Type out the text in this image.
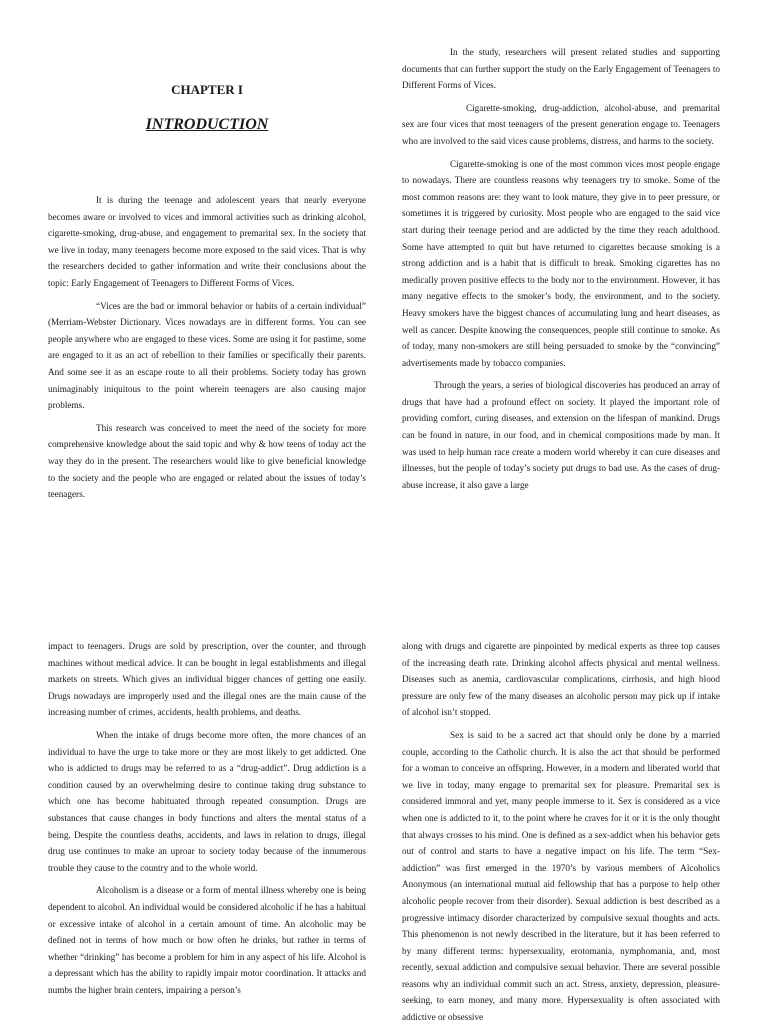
CHAPTER I
INTRODUCTION

It is during the teenage and adolescent years that nearly everyone becomes aware or involved to vices and immoral activities such as drinking alcohol, cigarette-smoking, drug-abuse, and engagement to premarital sex. In the society that we live in today, many teenagers become more exposed to the said vices. That is why the researchers decided to gather information and write their conclusions about the topic: Early Engagement of Teenagers to Different Forms of Vices.

“Vices are the bad or immoral behavior or habits of a certain individual” (Merriam-Webster Dictionary. Vices nowadays are in different forms. You can see people anywhere who are engaged to these vices. Some are using it for pastime, some are engaged to it as an act of rebellion to their families or specifically their parents. And some see it as an escape route to all their problems. Society today has grown unimaginably iniquitous to the point wherein teenagers are also causing major problems.

This research was conceived to meet the need of the society for more comprehensive knowledge about the said topic and why & how teens of today act the way they do in the present. The researchers would like to give beneficial knowledge to the society and the people who are engaged or related about the issues of today’s teenagers.

In the study, researchers will present related studies and supporting documents that can further support the study on the Early Engagement of Teenagers to Different Forms of Vices.

Cigarette-smoking, drug-addiction, alcohol-abuse, and premarital sex are four vices that most teenagers of the present generation engage to. Teenagers who are involved to the said vices cause problems, distress, and harms to the society.

Cigarette-smoking is one of the most common vices most people engage to nowadays. There are countless reasons why teenagers try to smoke. Some of the most common reasons are: they want to look mature, they give in to peer pressure, or sometimes it is triggered by curiosity. Most people who are engaged to the said vice start during their teenage period and are addicted by the time they reach adulthood. Some have attempted to quit but have returned to cigarettes because smoking is a strong addiction and is a habit that is difficult to break. Smoking cigarettes has no medically proven positive effects to the body nor to the environment. However, it has many negative effects to the smoker’s body, the environment, and to the society. Heavy smokers have the biggest chances of accumulating lung and heart diseases, as well as cancer. Despite knowing the consequences, people still continue to smoke. As of today, many non-smokers are still being persuaded to smoke by the “convincing” advertisements made by tobacco companies.

Through the years, a series of biological discoveries has produced an array of drugs that have had a profound effect on society. It played the important role of providing comfort, curing diseases, and extension on the lifespan of mankind. Drugs can be found in nature, in our food, and in chemical compositions made by man. It was used to help human race create a modern world whereby it can cure diseases and illnesses, but the people of today’s society put drugs to bad use. As the cases of drug-abuse increase, it also gave a large

impact to teenagers. Drugs are sold by prescription, over the counter, and through machines without medical advice. It can be bought in legal establishments and illegal markets on streets. Which gives an individual bigger chances of getting one easily. Drugs nowadays are improperly used and the illegal ones are the main cause of the increasing number of crimes, accidents, health problems, and deaths.

When the intake of drugs become more often, the more chances of an individual to have the urge to take more or they are most likely to get addicted. One who is addicted to drugs may be referred to as a “drug-addict”. Drug addiction is a condition caused by an overwhelming desire to continue taking drug substance to which one has become habituated through repeated consumption. Drugs are substances that cause changes in body functions and alters the mental status of a being. Despite the countless deaths, accidents, and laws in relation to drugs, illegal drug use continues to make an uproar to society today because of the innumerous trouble they cause to the country and to the whole world.

Alcoholism is a disease or a form of mental illness whereby one is being dependent to alcohol. An individual would be considered alcoholic if he has a habitual or excessive intake of alcohol in a certain amount of time. An alcoholic may be defined not in terms of how much or how often he drinks, but rather in terms of whether “drinking” has become a problem for him in any aspect of his life. Alcohol is a depressant which has the ability to rapidly impair motor coordination. It attacks and numbs the higher brain centers, impairing a person’s

along with drugs and cigarette are pinpointed by medical experts as three top causes of the increasing death rate. Drinking alcohol affects physical and mental wellness. Diseases such as anemia, cardiovascular complications, cirrhosis, and high blood pressure are only few of the many diseases an alcoholic person may pick up if intake of alcohol isn’t stopped.

Sex is said to be a sacred act that should only be done by a married couple, according to the Catholic church. It is also the act that should be performed for a woman to conceive an offspring. However, in a modern and liberated world that we live in today, many engage to premarital sex for pleasure. Premarital sex is considered immoral and yet, many people immerse to it. Sex is considered as a vice when one is addicted to it, to the point where he craves for it or it is the only thought that always crosses to his mind. One is defined as a sex-addict when his behavior gets out of control and starts to have a negative impact on his life. The term “Sex-addiction” was first emerged in the 1970’s by various members of Alcoholics Anonymous (an international mutual aid fellowship that has a purpose to help other alcoholic people recover from their disorder). Sexual addiction is best described as a progressive intimacy disorder characterized by compulsive sexual thoughts and acts. This phenomenon is not newly described in the literature, but it has been referred to by many different terms: hypersexuality, erotomania, nymphomania, and, most recently, sexual addiction and compulsive sexual behavior. There are several possible reasons why an individual commit such an act. Stress, anxiety, depression, pleasure-seeking, to earn money, and many more. Hypersexuality is often associated with addictive or obsessive
